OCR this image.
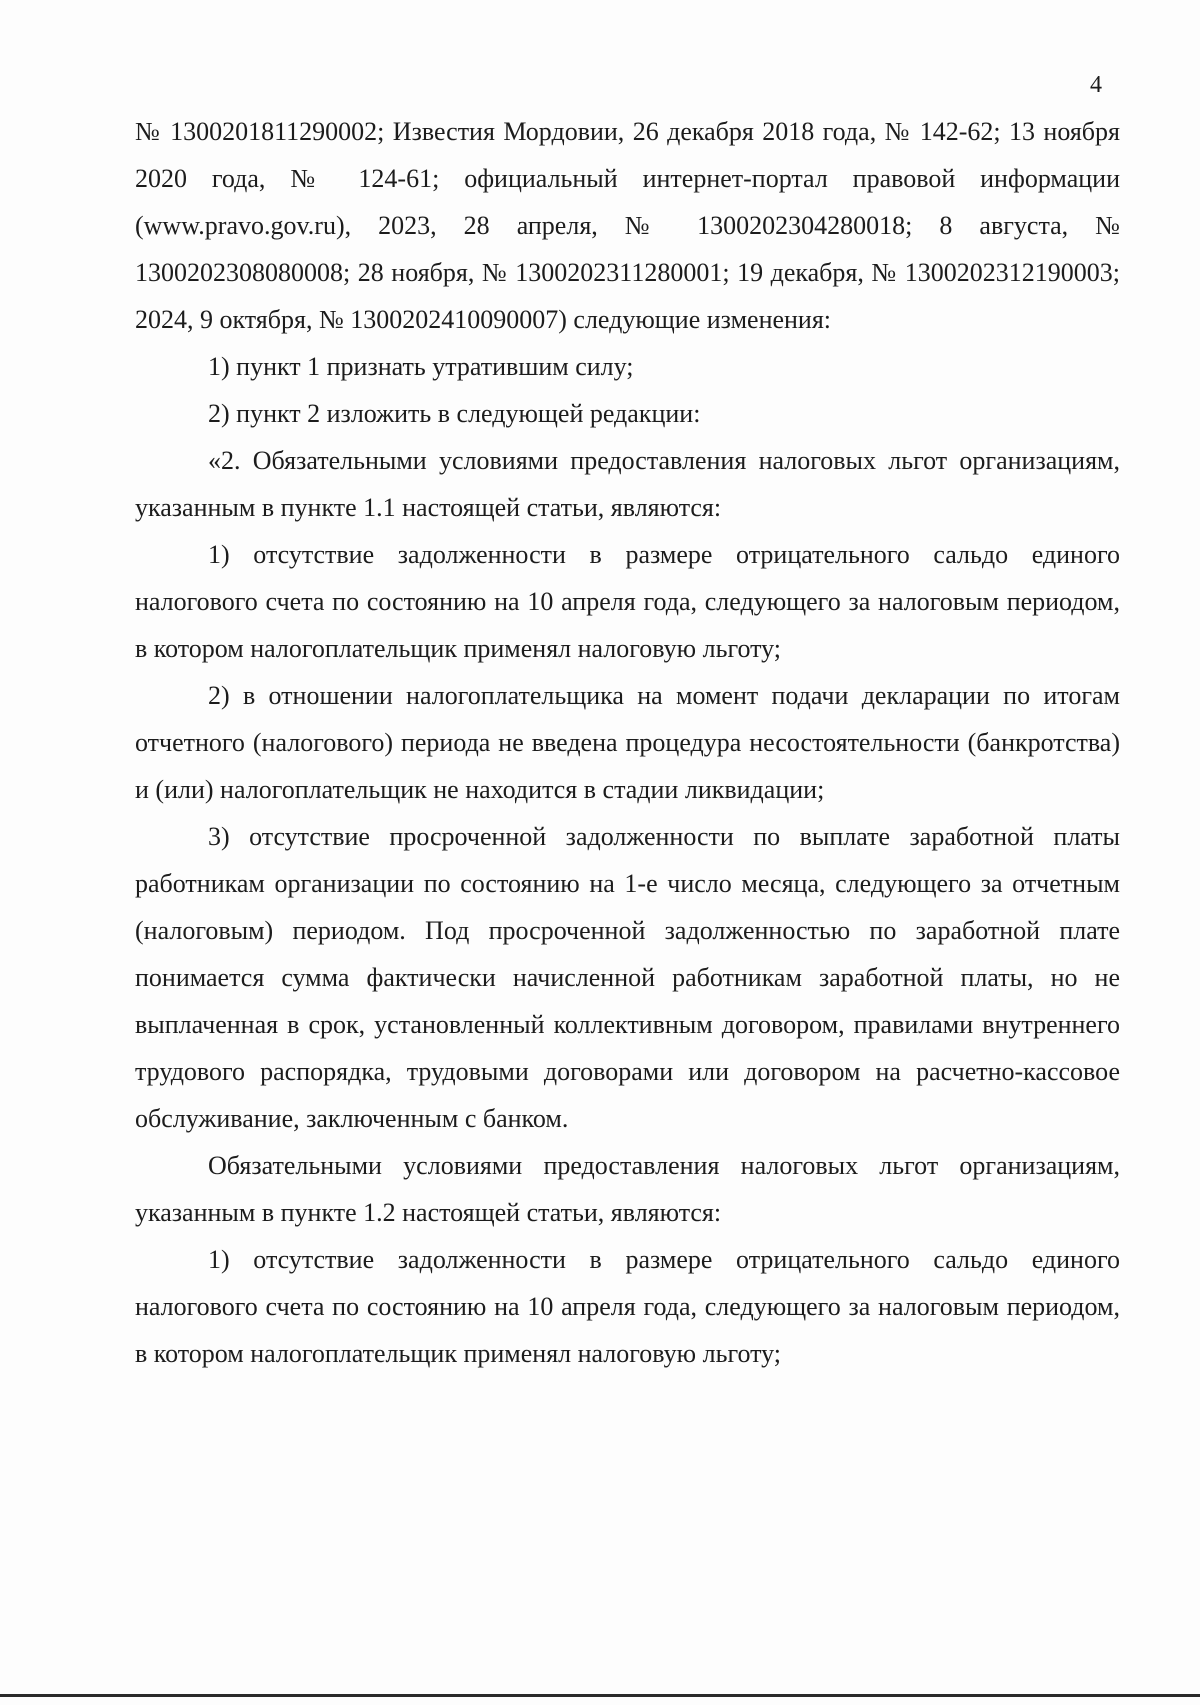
4

№ 1300201811290002; Известия Мордовии, 26 декабря 2018 года, № 142-62; 13 ноября 2020 года, № 124-61; официальный интернет-портал правовой информации (www.pravo.gov.ru), 2023, 28 апреля, № 1300202304280018; 8 августа, № 1300202308080008; 28 ноября, № 1300202311280001; 19 декабря, № 1300202312190003; 2024, 9 октября, № 1300202410090007) следующие изменения:

1) пункт 1 признать утратившим силу;

2) пункт 2 изложить в следующей редакции:

«2. Обязательными условиями предоставления налоговых льгот организациям, указанным в пункте 1.1 настоящей статьи, являются:

1) отсутствие задолженности в размере отрицательного сальдо единого налогового счета по состоянию на 10 апреля года, следующего за налоговым периодом, в котором налогоплательщик применял налоговую льготу;

2) в отношении налогоплательщика на момент подачи декларации по итогам отчетного (налогового) периода не введена процедура несостоятельности (банкротства) и (или) налогоплательщик не находится в стадии ликвидации;

3) отсутствие просроченной задолженности по выплате заработной платы работникам организации по состоянию на 1-е число месяца, следующего за отчетным (налоговым) периодом. Под просроченной задолженностью по заработной плате понимается сумма фактически начисленной работникам заработной платы, но не выплаченная в срок, установленный коллективным договором, правилами внутреннего трудового распорядка, трудовыми договорами или договором на расчетно-кассовое обслуживание, заключенным с банком.

Обязательными условиями предоставления налоговых льгот организациям, указанным в пункте 1.2 настоящей статьи, являются:

1) отсутствие задолженности в размере отрицательного сальдо единого налогового счета по состоянию на 10 апреля года, следующего за налоговым периодом, в котором налогоплательщик применял налоговую льготу;
